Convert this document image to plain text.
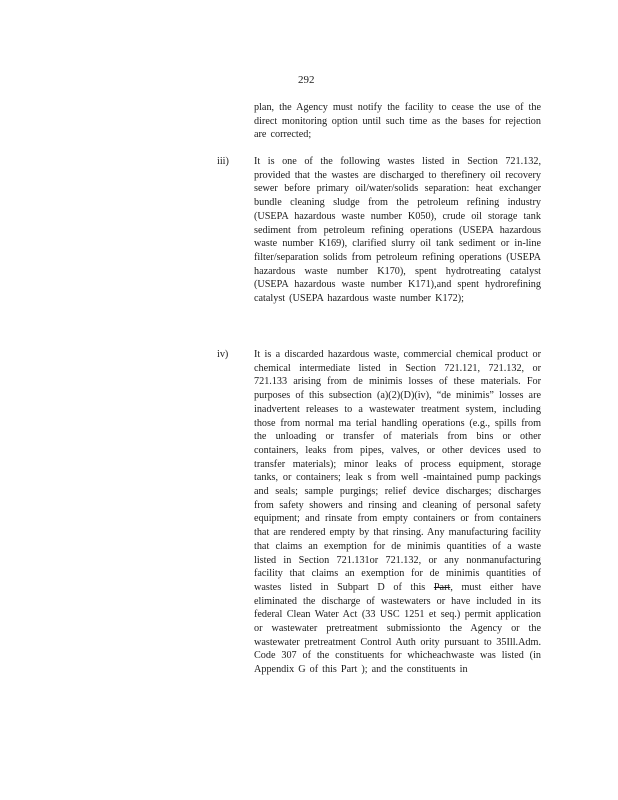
292
plan, the Agency must notify the facility to cease the use of the direct monitoring option until such time as the bases for rejection are corrected;
iii) It is one of the following wastes listed in Section 721.132, provided that the wastes are discharged to therefinery oil recovery sewer before primary oil/water/solids separation: heat exchanger bundle cleaning sludge from the petroleum refining industry (USEPA hazardous waste number K050), crude oil storage tank sediment from petroleum refining operations (USEPA hazardous waste number K169), clarified slurry oil tank sediment or in-line filter/separation solids from petroleum refining operations (USEPA hazardous waste number K170), spent hydrotreating catalyst (USEPA hazardous waste number K171),and spent hydrorefining catalyst (USEPA hazardous waste number K172);
iv)	It is a discarded hazardous waste, commercial chemical product or chemical intermediate listed in Section 721.121, 721.132, or 721.133 arising from de minimis losses of these materials. For purposes of this subsection (a)(2)(D)(iv), “de minimis” losses are inadvertent releases to a wastewater treatment system, including those from normal ma terial handling operations (e.g., spills from the unloading or transfer of materials from bins or other containers, leaks from pipes, valves, or other devices used to transfer materials); minor leaks of process equipment, storage tanks, or containers; leak s from well -maintained pump packings and seals; sample purgings; relief device discharges; discharges from safety showers and rinsing and cleaning of personal safety equipment; and rinsate from empty containers or from containers that are rendered empty by that rinsing. Any manufacturing facility that claims an exemption for de minimis quantities of a waste listed in Section 721.131or 721.132, or any nonmanufacturing facility that claims an exemption for de minimis quantities of wastes listed in Subpart D of this Part, must either have eliminated the discharge of wastewaters or have included in its federal Clean Water Act (33 USC 1251 et seq.) permit application or wastewater pretreatment submissionto the Agency or the wastewater pretreatment Control Auth ority pursuant to 35Ill.Adm. Code 307 of the constituents for whicheachwaste was listed (in Appendix G of this Part ); and the constituents in
